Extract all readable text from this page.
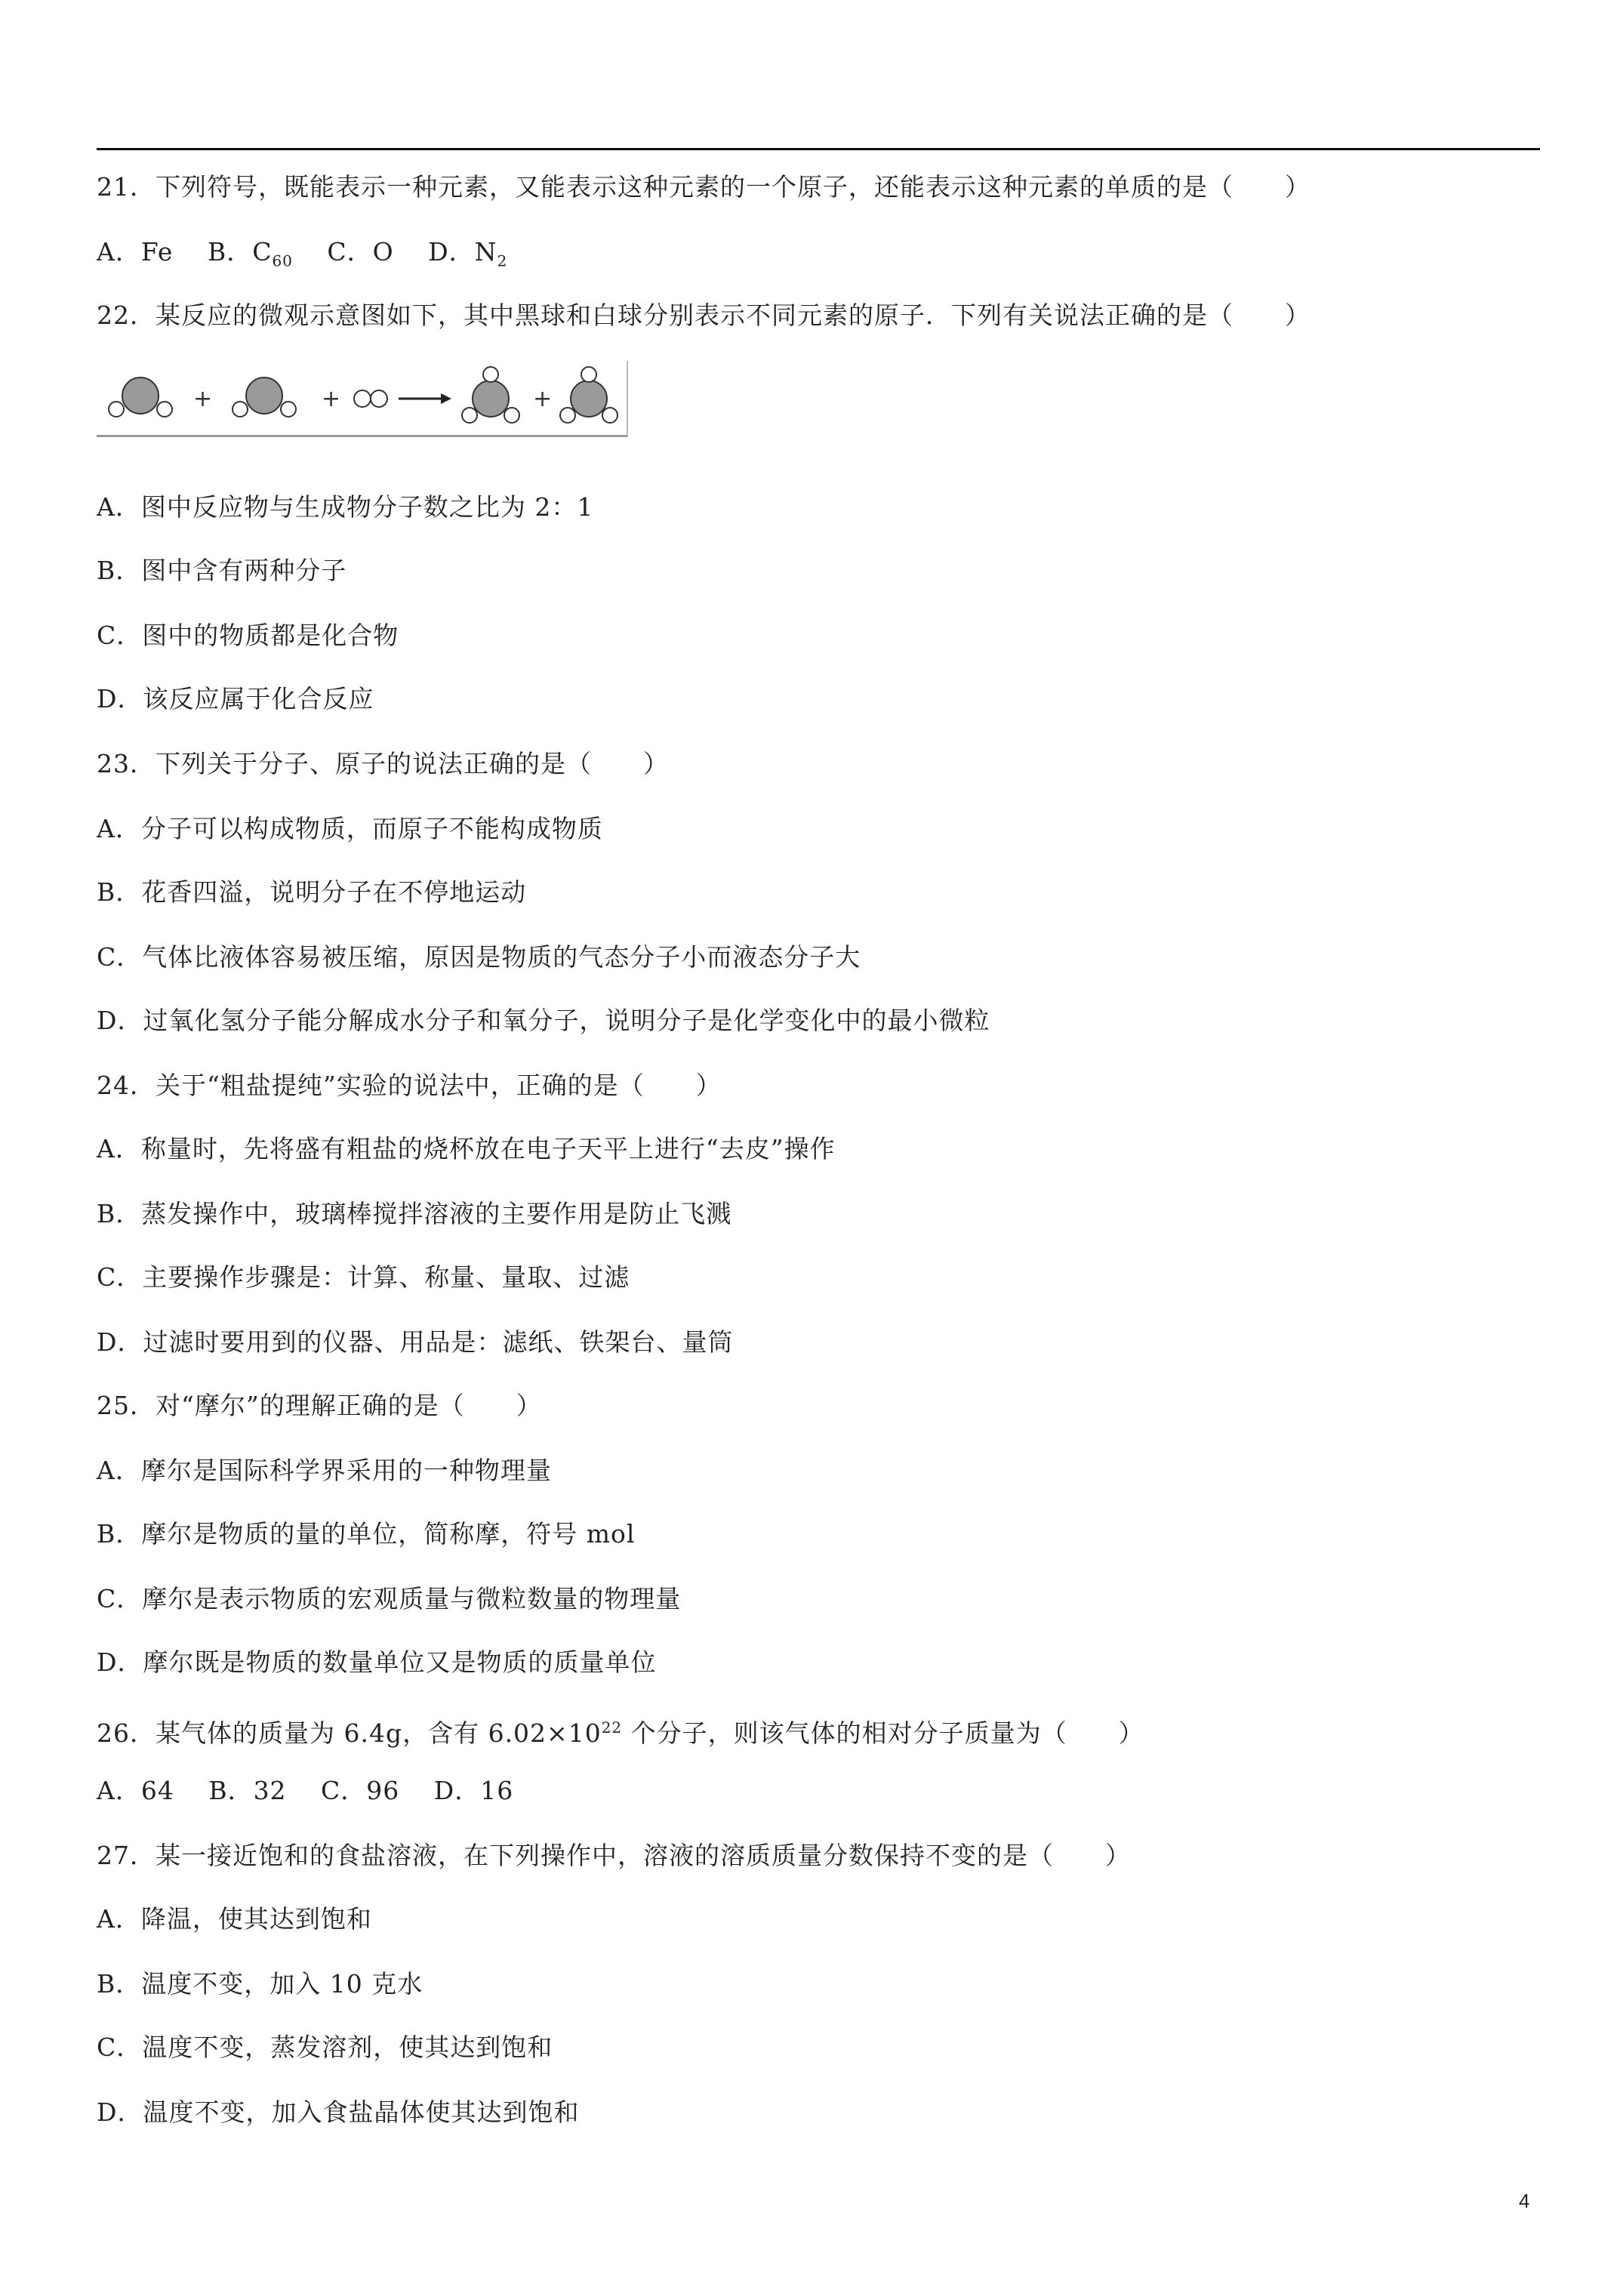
21．下列符号，既能表示一种元素，又能表示这种元素的一个原子，还能表示这种元素的单质的是（　　）
A．Fe  B．$C_{60}$  C．O  D．$N_2$
22．某反应的微观示意图如下，其中黑球和白球分别表示不同元素的原子．下列有关说法正确的是（　　）
+	+	+
A．图中反应物与生成物分子数之比为 2：1
B．图中含有两种分子
C．图中的物质都是化合物
D．该反应属于化合反应
23．下列关于分子、原子的说法正确的是（　　）
A．分子可以构成物质，而原子不能构成物质
B．花香四溢，说明分子在不停地运动
C．气体比液体容易被压缩，原因是物质的气态分子小而液态分子大
D．过氧化氢分子能分解成水分子和氧分子，说明分子是化学变化中的最小微粒
24．关于“粗盐提纯”实验的说法中，正确的是（　　）
A．称量时，先将盛有粗盐的烧杯放在电子天平上进行“去皮”操作
B．蒸发操作中，玻璃棒搅拌溶液的主要作用是防止飞溅
C．主要操作步骤是：计算、称量、量取、过滤
D．过滤时要用到的仪器、用品是：滤纸、铁架台、量筒
25．对“摩尔”的理解正确的是（　　）
A．摩尔是国际科学界采用的一种物理量
B．摩尔是物质的量的单位，简称摩，符号 mol
C．摩尔是表示物质的宏观质量与微粒数量的物理量
D．摩尔既是物质的数量单位又是物质的质量单位
26．某气体的质量为 6.4g，含有 $6.02\times 10^{22}$ 个分子，则该气体的相对分子质量为（　　）
A．64　 B．32　 C．96　 D．16
27．某一接近饱和的食盐溶液，在下列操作中，溶液的溶质质量分数保持不变的是（　　）
A．降温，使其达到饱和
B．温度不变，加入 10 克水
C．温度不变，蒸发溶剂，使其达到饱和
D．温度不变，加入食盐晶体使其达到饱和
4
